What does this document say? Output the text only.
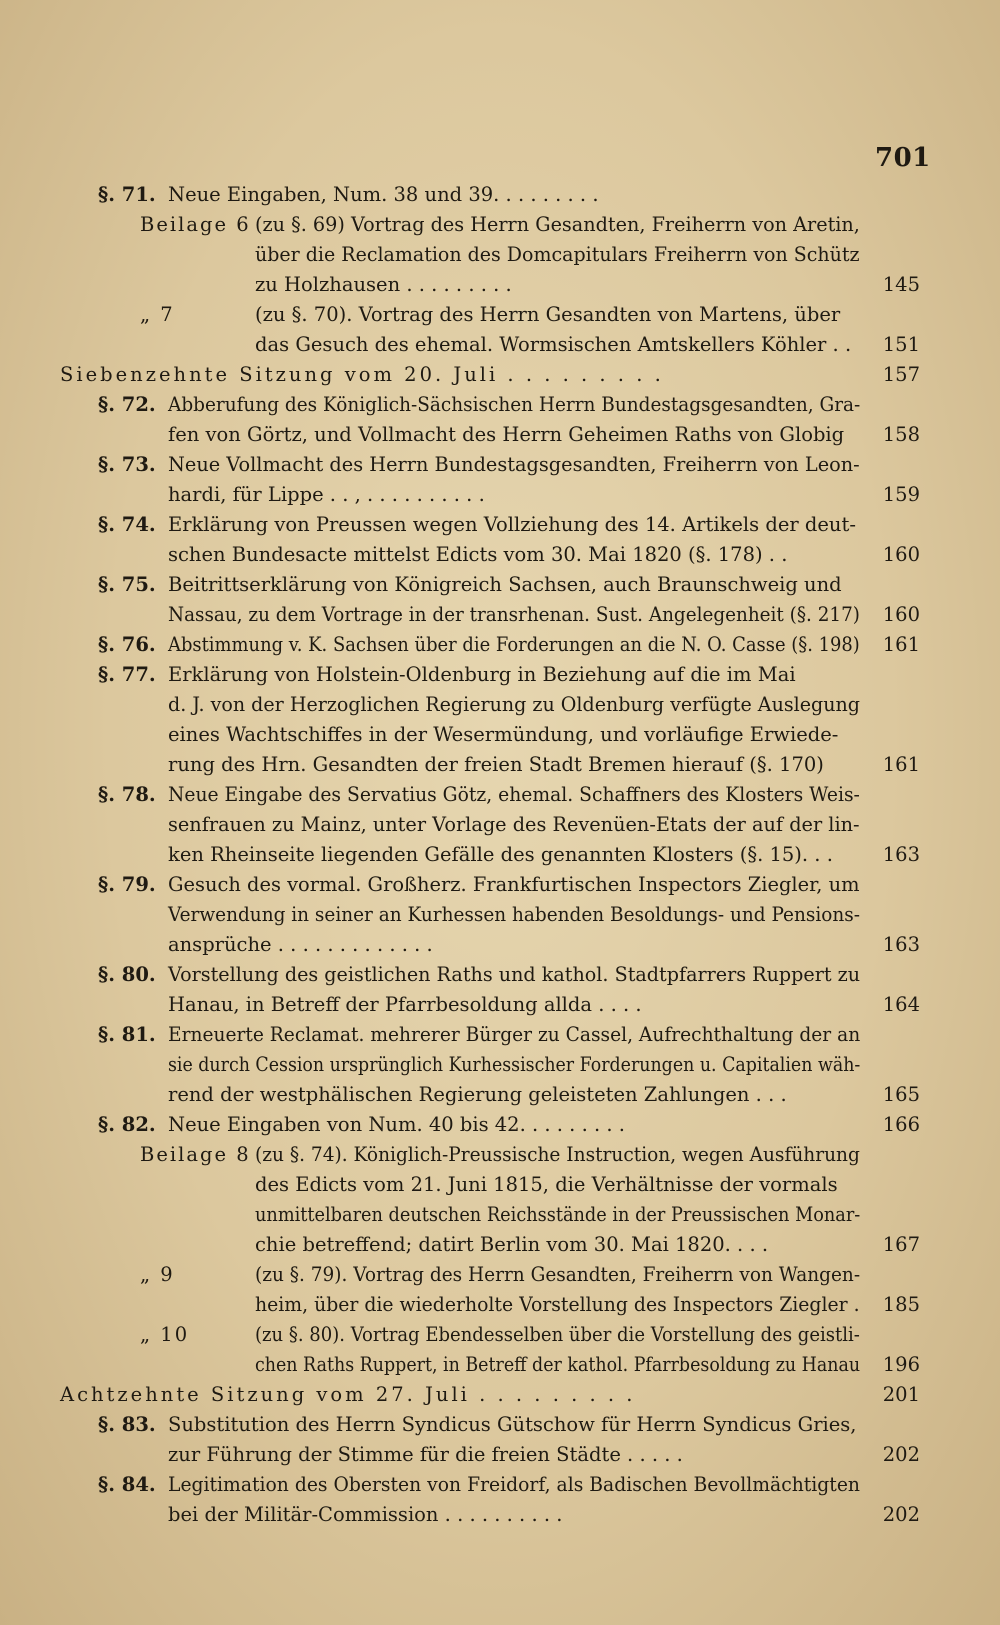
701
§. 71. Neue Eingaben, Num. 38 und 39. . . . . . . . .
Beilage 6 (zu §. 69) Vortrag des Herrn Gesandten, Freiherrn von Aretin,
über die Reclamation des Domcapitulars Freiherrn von Schütz
zu Holzhausen . . . . . . . . .	145
„ 7	(zu §. 70). Vortrag des Herrn Gesandten von Martens, über
das Gesuch des ehemal. Wormsischen Amtskellers Köhler . .	151
Siebenzehnte Sitzung vom 20. Juli . . . . . . . . .	157
§. 72. Abberufung des Königlich-Sächsischen Herrn Bundestagsgesandten, Gra-
fen von Görtz, und Vollmacht des Herrn Geheimen Raths von Globig	158
§. 73. Neue Vollmacht des Herrn Bundestagsgesandten, Freiherrn von Leon-
hardi, für Lippe . . , . . . . . . . . . .	159
§. 74. Erklärung von Preussen wegen Vollziehung des 14. Artikels der deut-
schen Bundesacte mittelst Edicts vom 30. Mai 1820 (§. 178) . .	160
§. 75. Beitrittserklärung von Königreich Sachsen, auch Braunschweig und
Nassau, zu dem Vortrage in der transrhenan. Sust. Angelegenheit (§. 217)	160
§. 76. Abstimmung v. K. Sachsen über die Forderungen an die N. O. Casse (§. 198)	161
§. 77. Erklärung von Holstein-Oldenburg in Beziehung auf die im Mai
d. J. von der Herzoglichen Regierung zu Oldenburg verfügte Auslegung
eines Wachtschiffes in der Wesermündung, und vorläufige Erwiede-
rung des Hrn. Gesandten der freien Stadt Bremen hierauf (§. 170)	161
§. 78. Neue Eingabe des Servatius Götz, ehemal. Schaffners des Klosters Weis-
senfrauen zu Mainz, unter Vorlage des Revenüen-Etats der auf der lin-
ken Rheinseite liegenden Gefälle des genannten Klosters (§. 15). . .	163
§. 79. Gesuch des vormal. Großherz. Frankfurtischen Inspectors Ziegler, um
Verwendung in seiner an Kurhessen habenden Besoldungs- und Pensions-
ansprüche . . . . . . . . . . . . .	163
§. 80. Vorstellung des geistlichen Raths und kathol. Stadtpfarrers Ruppert zu
Hanau, in Betreff der Pfarrbesoldung allda . . . .	164
§. 81. Erneuerte Reclamat. mehrerer Bürger zu Cassel, Aufrechthaltung der an
sie durch Cession ursprünglich Kurhessischer Forderungen u. Capitalien wäh-
rend der westphälischen Regierung geleisteten Zahlungen . . .	165
§. 82. Neue Eingaben von Num. 40 bis 42. . . . . . . . .	166
Beilage 8 (zu §. 74). Königlich-Preussische Instruction, wegen Ausführung
des Edicts vom 21. Juni 1815, die Verhältnisse der vormals
unmittelbaren deutschen Reichsstände in der Preussischen Monar-
chie betreffend; datirt Berlin vom 30. Mai 1820. . . .	167
„ 9	(zu §. 79). Vortrag des Herrn Gesandten, Freiherrn von Wangen-
heim, über die wiederholte Vorstellung des Inspectors Ziegler .	185
„ 10	(zu §. 80). Vortrag Ebendesselben über die Vorstellung des geistli-
chen Raths Ruppert, in Betreff der kathol. Pfarrbesoldung zu Hanau	196
Achtzehnte Sitzung vom 27. Juli . . . . . . . . .	201
§. 83. Substitution des Herrn Syndicus Gütschow für Herrn Syndicus Gries,
zur Führung der Stimme für die freien Städte . . . . .	202
§. 84. Legitimation des Obersten von Freidorf, als Badischen Bevollmächtigten
bei der Militär-Commission . . . . . . . . . .	202
